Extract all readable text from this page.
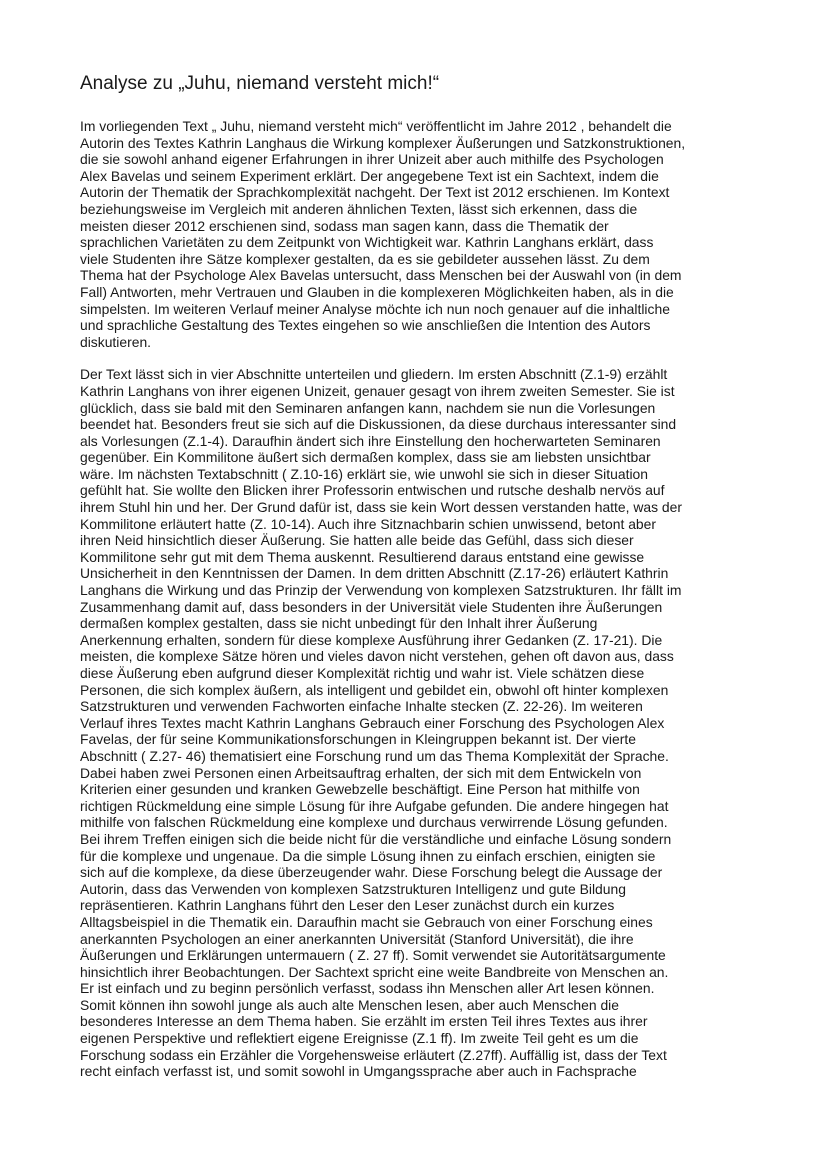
Analyse zu „Juhu, niemand versteht mich!“

Im vorliegenden Text „ Juhu, niemand versteht mich“ veröffentlicht im Jahre 2012 , behandelt die
Autorin des Textes Kathrin Langhaus die Wirkung komplexer Äußerungen und Satzkonstruktionen,
die sie sowohl anhand eigener Erfahrungen in ihrer Unizeit aber auch mithilfe des Psychologen
Alex Bavelas und seinem Experiment erklärt. Der angegebene Text ist ein Sachtext, indem die
Autorin der Thematik der Sprachkomplexität nachgeht. Der Text ist 2012 erschienen. Im Kontext
beziehungsweise im Vergleich mit anderen ähnlichen Texten, lässt sich erkennen, dass die
meisten dieser 2012 erschienen sind, sodass man sagen kann, dass die Thematik der
sprachlichen Varietäten zu dem Zeitpunkt von Wichtigkeit war. Kathrin Langhans erklärt, dass
viele Studenten ihre Sätze komplexer gestalten, da es sie gebildeter aussehen lässt. Zu dem
Thema hat der Psychologe Alex Bavelas untersucht, dass Menschen bei der Auswahl von (in dem
Fall) Antworten, mehr Vertrauen und Glauben in die komplexeren Möglichkeiten haben, als in die
simpelsten. Im weiteren Verlauf meiner Analyse möchte ich nun noch genauer auf die inhaltliche
und sprachliche Gestaltung des Textes eingehen so wie anschließen die Intention des Autors
diskutieren.

Der Text lässt sich in vier Abschnitte unterteilen und gliedern. Im ersten Abschnitt (Z.1-9) erzählt
Kathrin Langhans von ihrer eigenen Unizeit, genauer gesagt von ihrem zweiten Semester. Sie ist
glücklich, dass sie bald mit den Seminaren anfangen kann, nachdem sie nun die Vorlesungen
beendet hat. Besonders freut sie sich auf die Diskussionen, da diese durchaus interessanter sind
als Vorlesungen (Z.1-4). Daraufhin ändert sich ihre Einstellung den hocherwarteten Seminaren
gegenüber. Ein Kommilitone äußert sich dermaßen komplex, dass sie am liebsten unsichtbar
wäre. Im nächsten Textabschnitt ( Z.10-16) erklärt sie, wie unwohl sie sich in dieser Situation
gefühlt hat. Sie wollte den Blicken ihrer Professorin entwischen und rutsche deshalb nervös auf
ihrem Stuhl hin und her. Der Grund dafür ist, dass sie kein Wort dessen verstanden hatte, was der
Kommilitone erläutert hatte (Z. 10-14). Auch ihre Sitznachbarin schien unwissend, betont aber
ihren Neid hinsichtlich dieser Äußerung. Sie hatten alle beide das Gefühl, dass sich dieser
Kommilitone sehr gut mit dem Thema auskennt. Resultierend daraus entstand eine gewisse
Unsicherheit in den Kenntnissen der Damen. In dem dritten Abschnitt (Z.17-26) erläutert Kathrin
Langhans die Wirkung und das Prinzip der Verwendung von komplexen Satzstrukturen. Ihr fällt im
Zusammenhang damit auf, dass besonders in der Universität viele Studenten ihre Äußerungen
dermaßen komplex gestalten, dass sie nicht unbedingt für den Inhalt ihrer Äußerung
Anerkennung erhalten, sondern für diese komplexe Ausführung ihrer Gedanken (Z. 17-21). Die
meisten, die komplexe Sätze hören und vieles davon nicht verstehen, gehen oft davon aus, dass
diese Äußerung eben aufgrund dieser Komplexität richtig und wahr ist. Viele schätzen diese
Personen, die sich komplex äußern, als intelligent und gebildet ein, obwohl oft hinter komplexen
Satzstrukturen und verwenden Fachworten einfache Inhalte stecken (Z. 22-26). Im weiteren
Verlauf ihres Textes macht Kathrin Langhans Gebrauch einer Forschung des Psychologen Alex
Favelas, der für seine Kommunikationsforschungen in Kleingruppen bekannt ist. Der vierte
Abschnitt ( Z.27- 46) thematisiert eine Forschung rund um das Thema Komplexität der Sprache.
Dabei haben zwei Personen einen Arbeitsauftrag erhalten, der sich mit dem Entwickeln von
Kriterien einer gesunden und kranken Gewebzelle beschäftigt. Eine Person hat mithilfe von
richtigen Rückmeldung eine simple Lösung für ihre Aufgabe gefunden. Die andere hingegen hat
mithilfe von falschen Rückmeldung eine komplexe und durchaus verwirrende Lösung gefunden.
Bei ihrem Treffen einigen sich die beide nicht für die verständliche und einfache Lösung sondern
für die komplexe und ungenaue. Da die simple Lösung ihnen zu einfach erschien, einigten sie
sich auf die komplexe, da diese überzeugender wahr. Diese Forschung belegt die Aussage der
Autorin, dass das Verwenden von komplexen Satzstrukturen Intelligenz und gute Bildung
repräsentieren. Kathrin Langhans führt den Leser den Leser zunächst durch ein kurzes
Alltagsbeispiel in die Thematik ein. Daraufhin macht sie Gebrauch von einer Forschung eines
anerkannten Psychologen an einer anerkannten Universität (Stanford Universität), die ihre
Äußerungen und Erklärungen untermauern ( Z. 27 ff). Somit verwendet sie Autoritätsargumente
hinsichtlich ihrer Beobachtungen. Der Sachtext spricht eine weite Bandbreite von Menschen an.
Er ist einfach und zu beginn persönlich verfasst, sodass ihn Menschen aller Art lesen können.
Somit können ihn sowohl junge als auch alte Menschen lesen, aber auch Menschen die
besonderes Interesse an dem Thema haben. Sie erzählt im ersten Teil ihres Textes aus ihrer
eigenen Perspektive und reflektiert eigene Ereignisse (Z.1 ff). Im zweite Teil geht es um die
Forschung sodass ein Erzähler die Vorgehensweise erläutert (Z.27ff). Auffällig ist, dass der Text
recht einfach verfasst ist, und somit sowohl in Umgangssprache aber auch in Fachsprache
